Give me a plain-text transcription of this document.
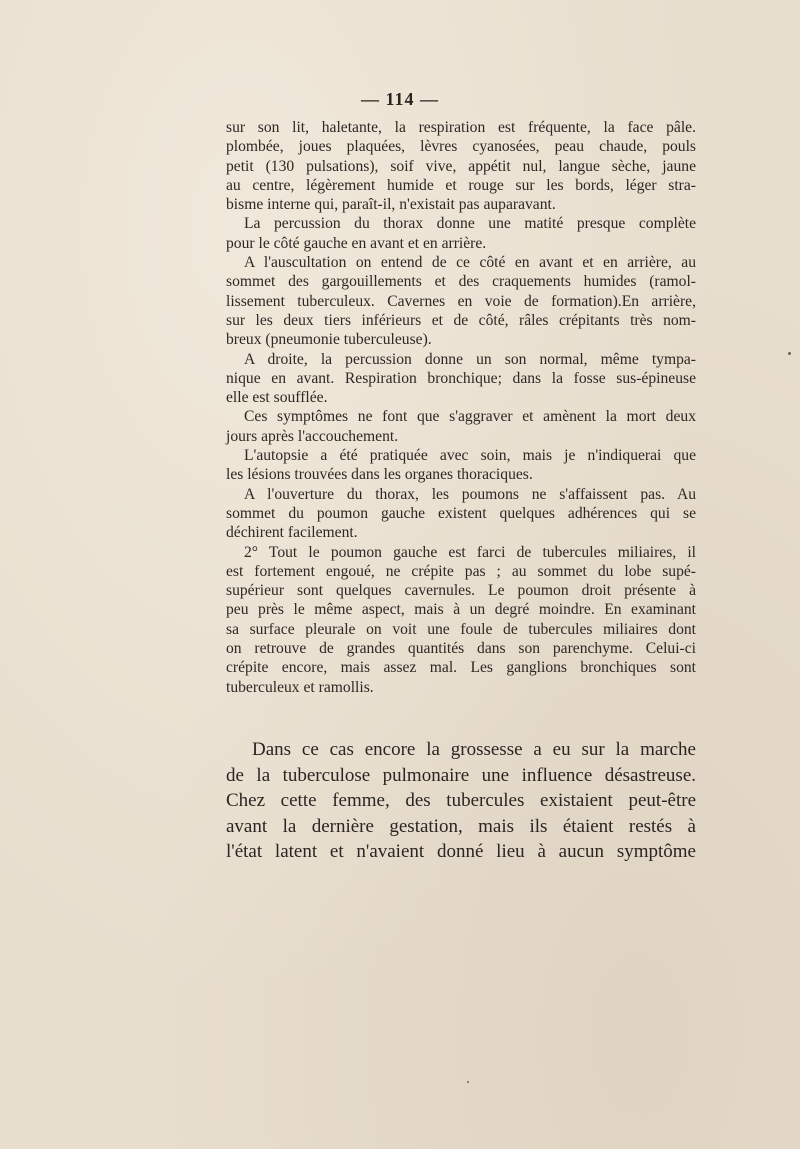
— 114 —
sur son lit, haletante, la respiration est fréquente, la face pâle.
plombée, joues plaquées, lèvres cyanosées, peau chaude, pouls
petit (130 pulsations), soif vive, appétit nul, langue sèche, jaune
au centre, légèrement humide et rouge sur les bords, léger stra-
bisme interne qui, paraît-il, n'existait pas auparavant.
La percussion du thorax donne une matité presque complète
pour le côté gauche en avant et en arrière.
A l'auscultation on entend de ce côté en avant et en arrière, au
sommet des gargouillements et des craquements humides (ramol-
lissement tuberculeux. Cavernes en voie de formation).En arrière,
sur les deux tiers inférieurs et de côté, râles crépitants très nom-
breux (pneumonie tuberculeuse).
A droite, la percussion donne un son normal, même tympa-
nique en avant. Respiration bronchique; dans la fosse sus-épineuse
elle est soufflée.
Ces symptômes ne font que s'aggraver et amènent la mort deux
jours après l'accouchement.
L'autopsie a été pratiquée avec soin, mais je n'indiquerai que
les lésions trouvées dans les organes thoraciques.
A l'ouverture du thorax, les poumons ne s'affaissent pas. Au
sommet du poumon gauche existent quelques adhérences qui se
déchirent facilement.
2° Tout le poumon gauche est farci de tubercules miliaires, il
est fortement engoué, ne crépite pas ; au sommet du lobe supé-
supérieur sont quelques cavernules. Le poumon droit présente à
peu près le même aspect, mais à un degré moindre. En examinant
sa surface pleurale on voit une foule de tubercules miliaires dont
on retrouve de grandes quantités dans son parenchyme. Celui-ci
crépite encore, mais assez mal. Les ganglions bronchiques sont
tuberculeux et ramollis.
Dans ce cas encore la grossesse a eu sur la marche
de la tuberculose pulmonaire une influence désastreuse.
Chez cette femme, des tubercules existaient peut-être
avant la dernière gestation, mais ils étaient restés à
l'état latent et n'avaient donné lieu à aucun symptôme
